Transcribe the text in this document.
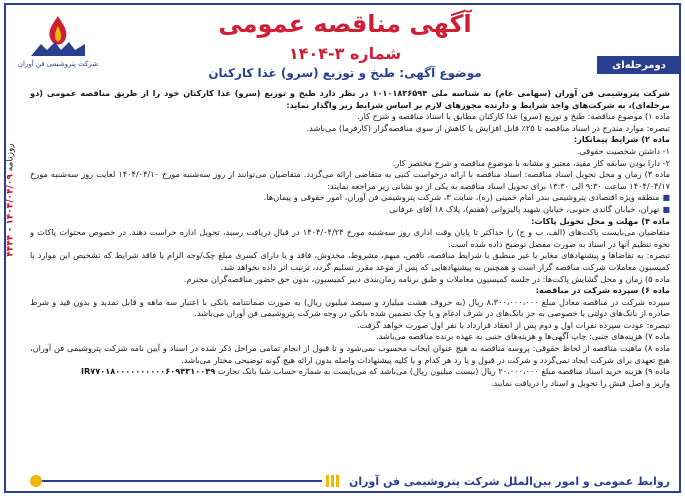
روزنامه ۱۴۰۴/۰۴/۰۹ - ۴۴۴۴
شرکت پتروشیمی فن آوران	دومرحله‌ای
آگهی مناقصه عمومی
شماره ۳-۱۴۰۴
موضوع آگهی: طبخ و توزیع (سرو) غذا کارکنان

شرکت پتروشیمی فن آوران (سهامی عام) به شناسه ملی ۱۰۱۰۱۸۳۶۵۹۴ در نظر دارد طبخ و توزیع (سرو) غذا کارکنان خود را از طریق مناقصه عمومی (دو مرحله‌ای)، به شرکت‌های واجد شرایط و دارنده مجوزهای لازم بر اساس شرایط زیر واگذار نماید:

ماده ۱) موضوع مناقصه: طبخ و توزیع (سرو) غذا کارکنان مطابق با اسناد مناقصه و شرح کار.

تبصره: موارد مندرج در اسناد مناقصه تا ۲۵٪ قابل افزایش یا کاهش از سوی مناقصه‌گزار (کارفرما) می‌باشد.

ماده ۲) شرایط پیمانکار:

۱- داشتن شخصیت حقوقی.

۲- دارا بودن سابقه کار مفید، معتبر و مشابه با موضوع مناقصه و شرح مختصر کار.

ماده ۳) زمان و محل تحویل اسناد مناقصه: اسناد مناقصه با ارائه درخواست کتبی به متقاضی ارائه می‌گردد. متقاضیان می‌توانند از روز سه‌شنبه مورخ ۱۴۰۴/۰۴/۱۰ لغایت روز سه‌شنبه مورخ ۱۴۰۴/۰۴/۱۷ ساعت ۹:۳۰ الی ۱۳:۳۰ برای تحویل اسناد مناقصه به یکی از دو نشانی زیر مراجعه نمایند:

■
منطقه ویژه اقتصادی پتروشیمی بندر امام خمینی (ره)، سایت ۳، شرکت پتروشیمی فن آوران، امور حقوقی و پیمان‌ها.
■
تهران، خیابان گاندی جنوبی، خیابان شهید پالیزوانی (هفتم)، پلاک ۱۸ آقای عرفانی

ماده ۴) مهلت و محل تحویل پاکات:

متقاضیان می‌بایست پاکت‌های (الف، ب و ج) را حداکثر تا پایان وقت اداری روز سه‌شنبه مورخ ۱۴۰۴/۰۴/۲۴ در قبال دریافت رسید، تحویل اداره حراست دهند. در خصوص محتوات پاکات و نحوه تنظیم آنها در اسناد به صورت مفصل توضیح داده شده است.

تبصره: به تقاضاها و پیشنهادهای مغایر یا غیر منطبق با شرایط مناقصه، ناقص، مبهم، مشروط، مخدوش، فاقد و یا دارای کسری مبلغ چک/وجه الزام یا فاقد شرایط که تشخیص این موارد با کمیسیون معاملات شرکت مناقصه گزار است و همچنین به پیشنهادهایی که پس از موعد مقرر تسلیم گردد، ترتیب اثر داده نخواهد شد.

ماده ۵) زمان و محل گشایش پاکت‌ها: در جلسه کمیسیون معاملات و طبق برنامه زمان‌بندی دبیر کمیسیون، بدون حق حضور مناقصه‌گران محترم.

ماده ۶) سپرده شرکت در مناقصه:

سپرده شرکت در مناقصه معادل مبلغ ۸،۳۰۰،۰۰۰،۰۰۰ ریال (به حروف هشت میلیارد و سیصد میلیون ریال) به صورت ضمانتنامه بانکی با اعتبار سه ماهه و قابل تمدید و بدون قید و شرط صادره از بانک‌های دولتی یا خصوصی به جز بانک‌های در شرف ادغام و یا چک تضمین شده بانکی در وجه شرکت پتروشیمی فن آوران می‌باشد.

تبصره: عودت سپرده نفرات اول و دوم پس از انعقاد قرارداد با نفر اول صورت خواهد گرفت.

ماده ۷) هزینه‌های جنبی: چاپ آگهی‌ها و هزینه‌های جنبی به عهده برنده مناقصه می‌باشد.

ماده ۸) ماهیت مناقصه از لحاظ حقوقی: پروسه مناقصه به هیچ عنوان ایجاب محسوب نمی‌شود و تا قبول از انجام تمامی مراحل ذکر شده در اسناد و آیین نامه شرکت پتروشیمی فن آوران، هیچ تعهدی برای شرکت ایجاد نمی‌گردد و شرکت در قبول و یا رد هر کدام و یا کلیه پیشنهادات واصله بدون ارائه هیچ گونه توضیحی مختار می‌باشد.

ماده ۹) هزینه خرید اسناد مناقصه مبلغ ۲۰،۰۰۰،۰۰۰ ریال (بیست میلیون ریال) می‌باشد که می‌بایست به شماره حساب شبا بانک تجارت IR۷۷۰۱۸۰۰۰۰۰۰۰۰۰۰۶۰۹۴۳۱۰۰۴۹

واریز و اصل فیش را تحویل و اسناد را دریافت نمایند.

روابط عمومی و امور بین‌الملل شرکت پتروشیمی فن آوران
